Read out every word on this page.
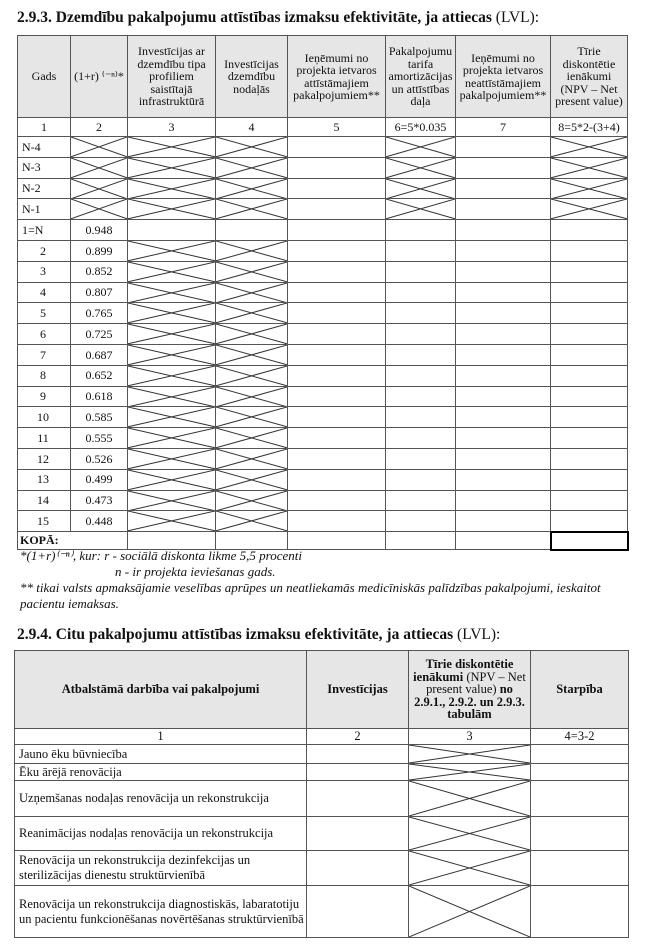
2.9.3. Dzemdību pakalpojumu attīstības izmaksu efektivitāte, ja attiecas (LVL):
Gads	(1+r) ⁽⁻ⁿ⁾*	Investīcijas ar dzemdību tipa profiliem saistītajā infrastruktūrā	Investīcijas dzemdību nodaļās	Ieņēmumi no projekta ietvaros attīstāmajiem pakalpojumiem**	Pakalpojumu tarifa amortizācijas un attīstības daļa	Ieņēmumi no projekta ietvaros neattīstāmajiem pakalpojumiem**	Tīrie diskontētie ienākumi (NPV – Net present value)
1	2	3	4	5	6=5*0.035	7	8=5*2-(3+4)
N-4	

N-3	

N-2	

N-1	

1=N	0.948						
2	0.899	

3	0.852	

4	0.807	

5	0.765	

6	0.725	

7	0.687	

8	0.652	

9	0.618	

10	0.585	

11	0.555	

12	0.526	

13	0.499	

14	0.473	

15	0.448	

KOPĀ:							
*(1+r)⁽⁻ⁿ⁾, kur: r - sociālā diskonta likme 5,5 procenti
n - ir projekta ieviešanas gads.
** tikai valsts apmaksājamie veselības aprūpes un neatliekamās medicīniskās palīdzības pakalpojumi, ieskaitot pacientu iemaksas.
2.9.4. Citu pakalpojumu attīstības izmaksu efektivitāte, ja attiecas (LVL):
Atbalstāmā darbība vai pakalpojumi	Investīcijas	Tīrie diskontētie ienākumi (NPV – Net present value) no 2.9.1., 2.9.2. un 2.9.3. tabulām	Starpība
1	2	3	4=3-2
Jauno ēku būvniecība		

Ēku ārējā renovācija		

Uzņemšanas nodaļas renovācija un rekonstrukcija		

Reanimācijas nodaļas renovācija un rekonstrukcija		

Renovācija un rekonstrukcija dezinfekcijas un sterilizācijas dienestu struktūrvienībā		

Renovācija un rekonstrukcija diagnostiskās, labaratotiju un pacientu funkcionēšanas novērtēšanas struktūrvienībā		
